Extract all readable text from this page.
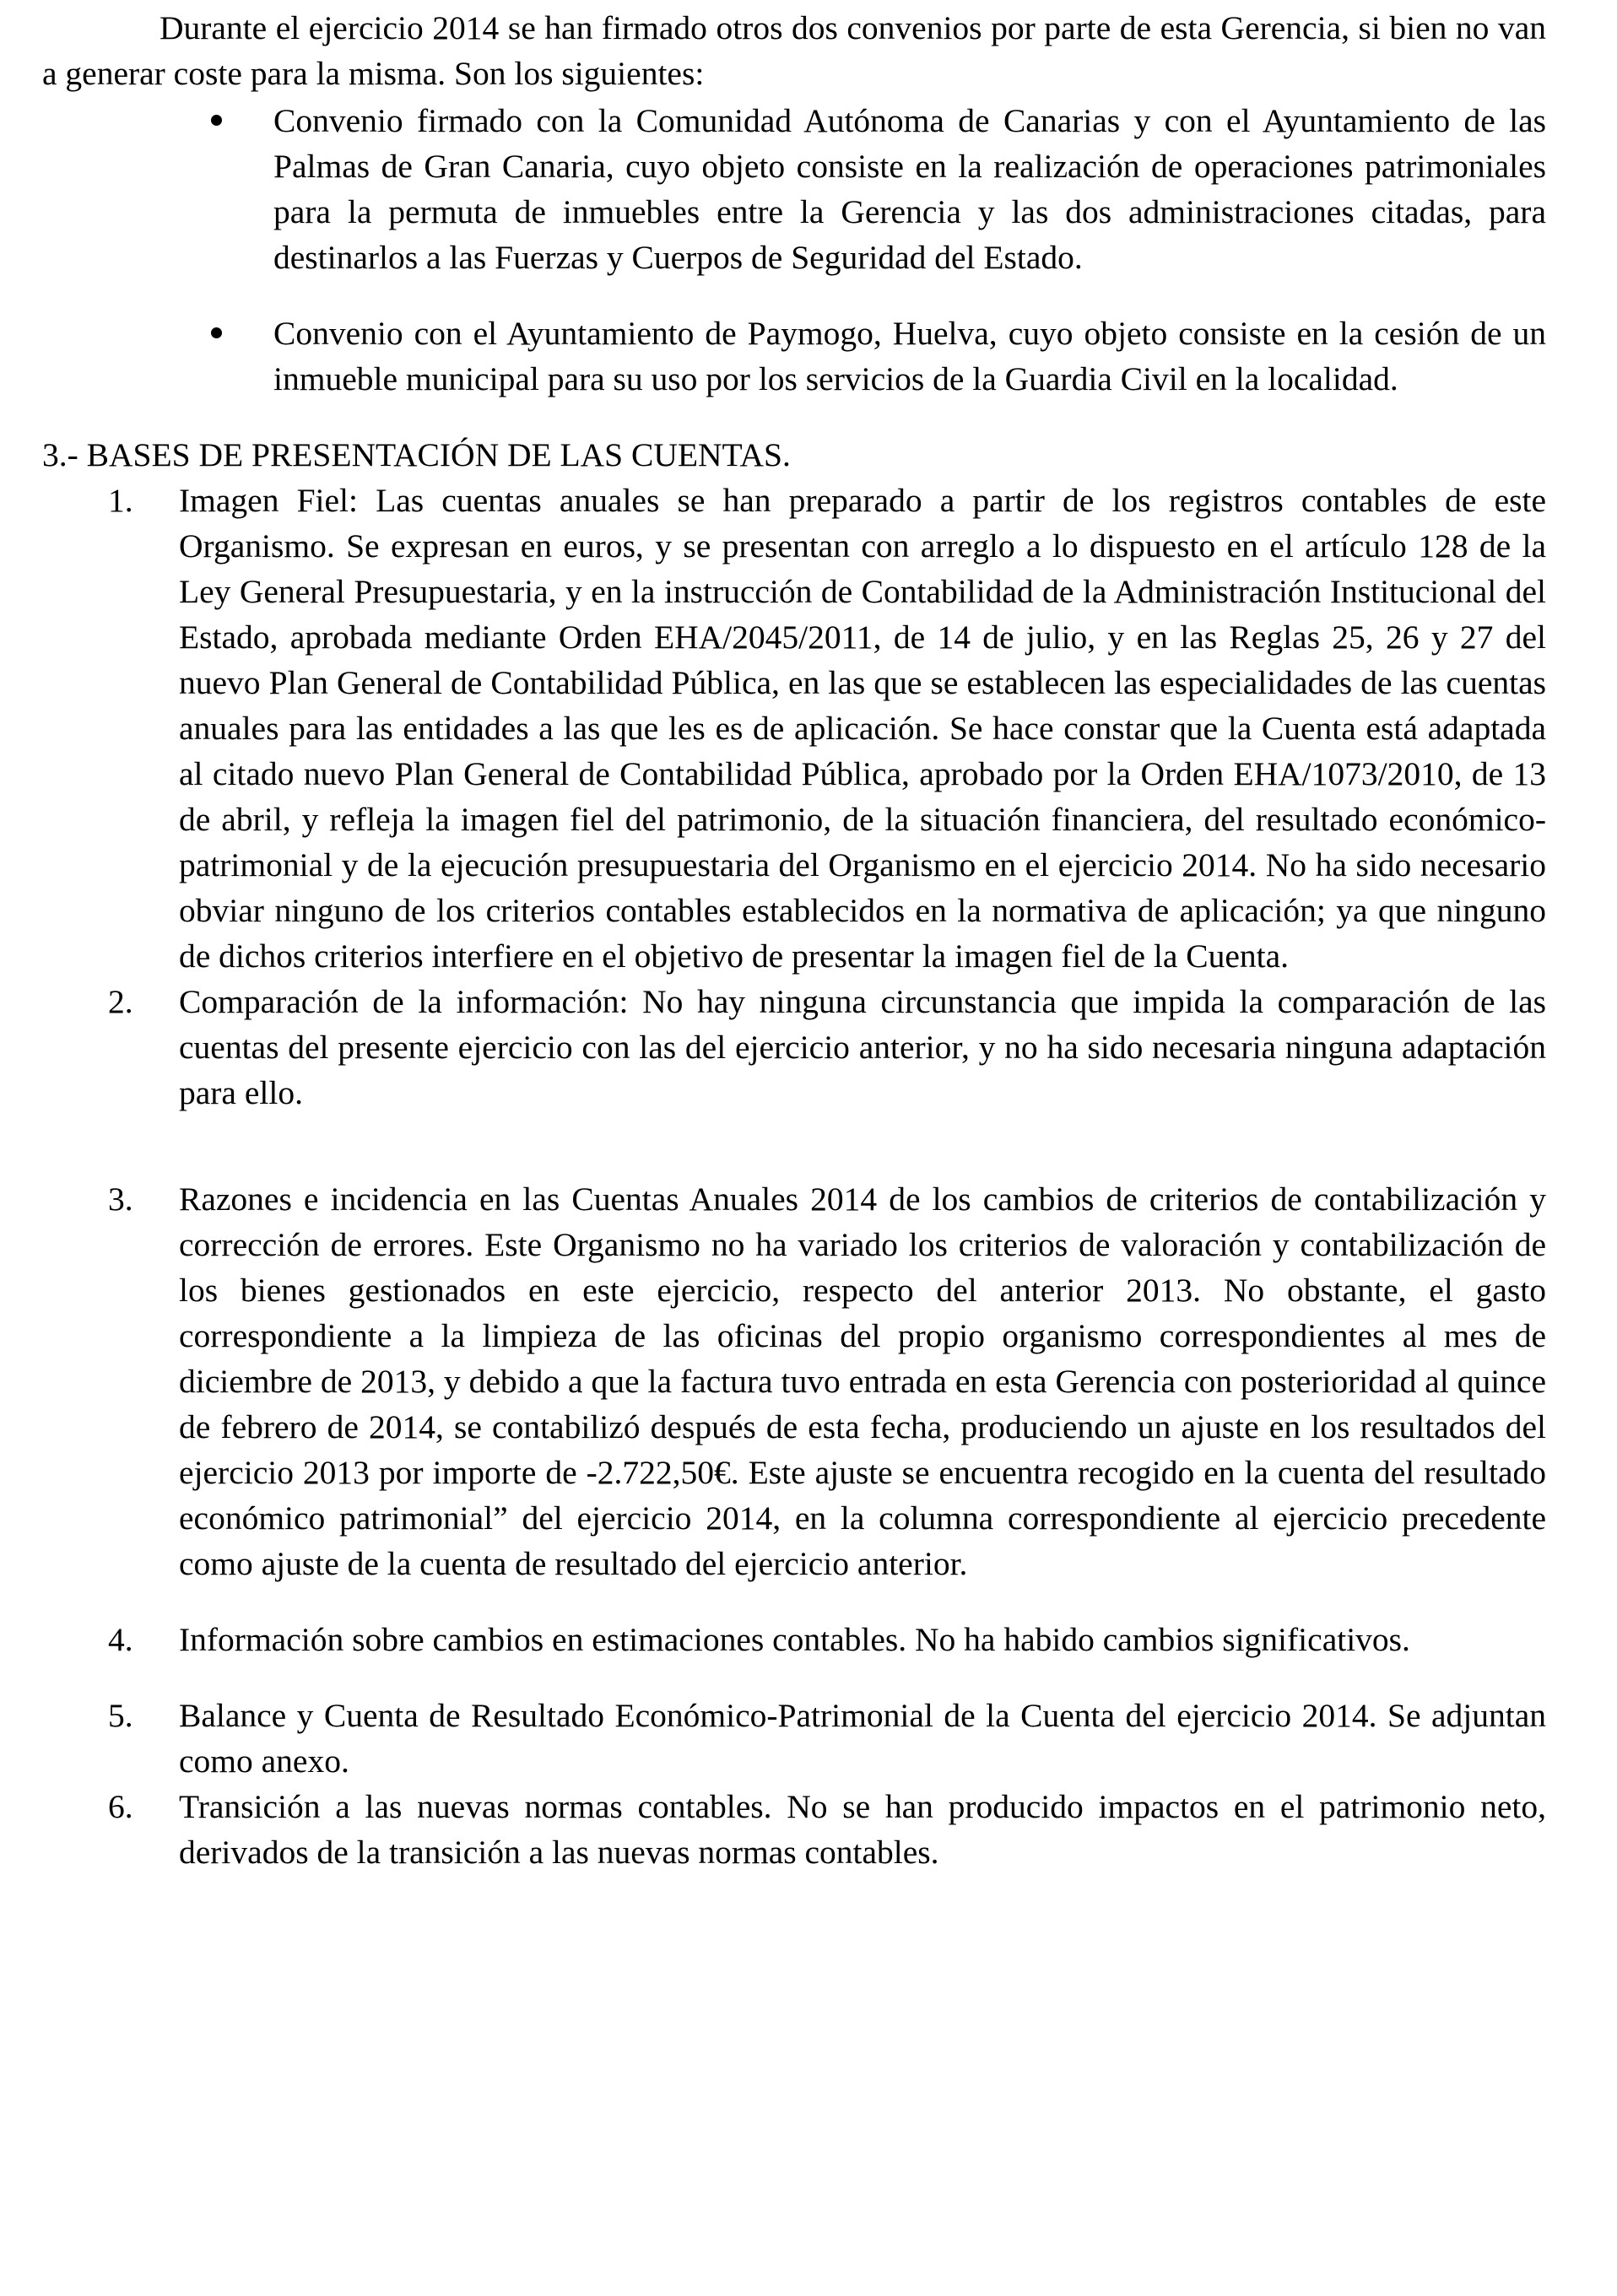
Durante el ejercicio 2014 se han firmado otros dos convenios por parte de esta Gerencia, si bien no van a generar coste para la misma. Son los siguientes:

Convenio firmado con la Comunidad Autónoma de Canarias y con el Ayuntamiento de las Palmas de Gran Canaria, cuyo objeto consiste en la realización de operaciones patrimoniales para la permuta de inmuebles entre la Gerencia y las dos administraciones citadas, para destinarlos a las Fuerzas y Cuerpos de Seguridad del Estado.
Convenio con el Ayuntamiento de Paymogo, Huelva, cuyo objeto consiste en la cesión de un inmueble municipal para su uso por los servicios de la Guardia Civil en la localidad.

3.- BASES DE PRESENTACIÓN DE LAS CUENTAS.

1. Imagen Fiel: Las cuentas anuales se han preparado a partir de los registros contables de este Organismo. Se expresan en euros, y se presentan con arreglo a lo dispuesto en el artículo 128 de la Ley General Presupuestaria, y en la instrucción de Contabilidad de la Administración Institucional del Estado, aprobada mediante Orden EHA/2045/2011, de 14 de julio, y en las Reglas 25, 26 y 27 del nuevo Plan General de Contabilidad Pública, en las que se establecen las especialidades de las cuentas anuales para las entidades a las que les es de aplicación. Se hace constar que la Cuenta está adaptada al citado nuevo Plan General de Contabilidad Pública, aprobado por la Orden EHA/1073/2010, de 13 de abril, y refleja la imagen fiel del patrimonio, de la situación financiera, del resultado económico-patrimonial y de la ejecución presupuestaria del Organismo en el ejercicio 2014. No ha sido necesario obviar ninguno de los criterios contables establecidos en la normativa de aplicación; ya que ninguno de dichos criterios interfiere en el objetivo de presentar la imagen fiel de la Cuenta.
2. Comparación de la información: No hay ninguna circunstancia que impida la comparación de las cuentas del presente ejercicio con las del ejercicio anterior, y no ha sido necesaria ninguna adaptación para ello.
3. Razones e incidencia en las Cuentas Anuales 2014 de los cambios de criterios de contabilización y corrección de errores. Este Organismo no ha variado los criterios de valoración y contabilización de los bienes gestionados en este ejercicio, respecto del anterior 2013. No obstante, el gasto correspondiente a la limpieza de las oficinas del propio organismo correspondientes al mes de diciembre de 2013, y debido a que la factura tuvo entrada en esta Gerencia con posterioridad al quince de febrero de 2014, se contabilizó después de esta fecha, produciendo un ajuste en los resultados del ejercicio 2013 por importe de -2.722,50€. Este ajuste se encuentra recogido en la cuenta del resultado económico patrimonial” del ejercicio 2014, en la columna correspondiente al ejercicio precedente como ajuste de la cuenta de resultado del ejercicio anterior.
4. Información sobre cambios en estimaciones contables. No ha habido cambios significativos.
5. Balance y Cuenta de Resultado Económico-Patrimonial de la Cuenta del ejercicio 2014. Se adjuntan como anexo.
6. Transición a las nuevas normas contables. No se han producido impactos en el patrimonio neto, derivados de la transición a las nuevas normas contables.
